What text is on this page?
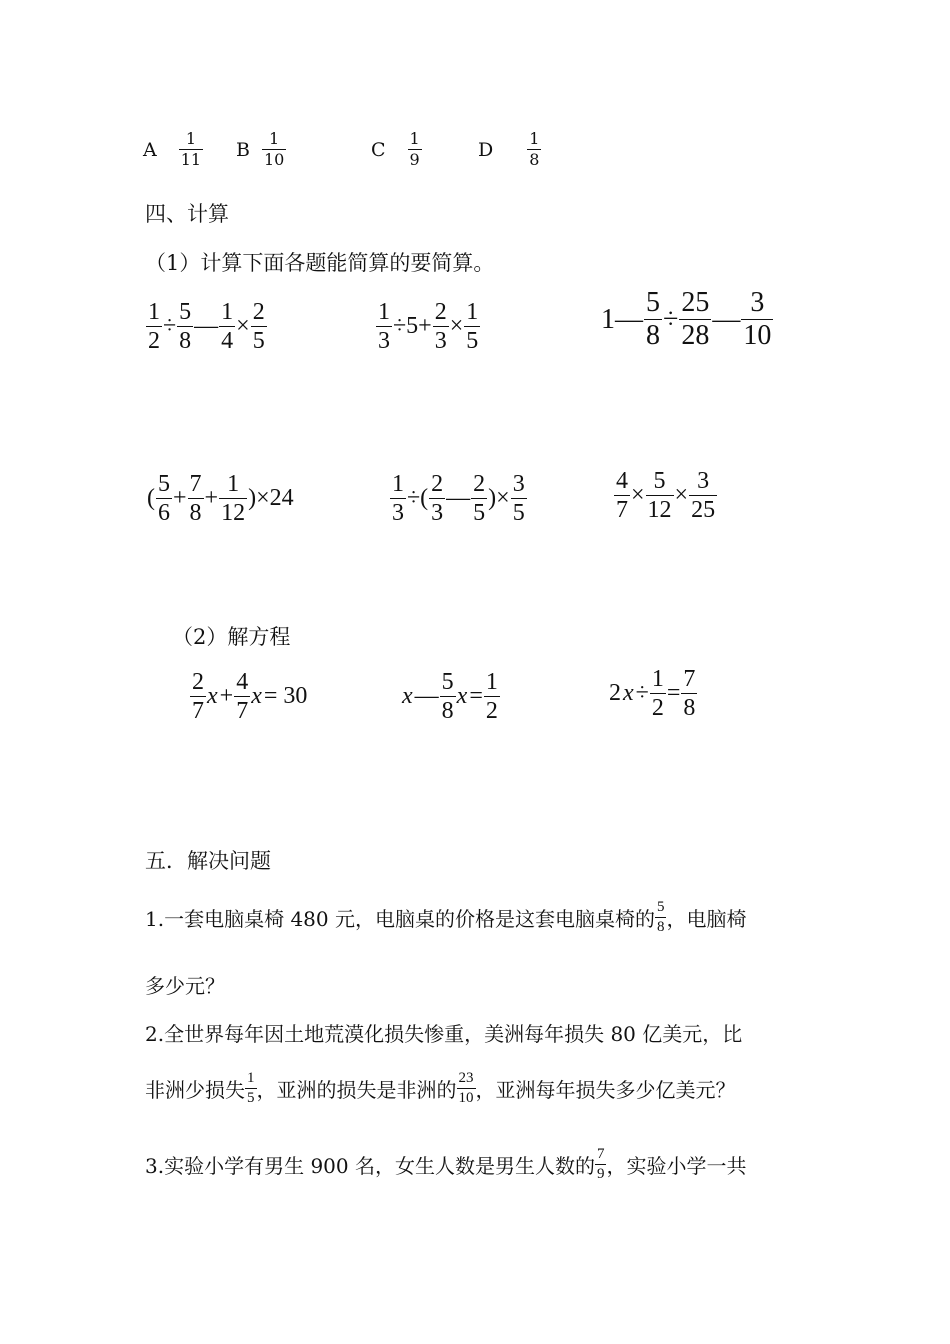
A $\frac{1}{11}$ B $\frac{1}{10}$	C $\frac{1}{9}$	D $\frac{1}{8}$
四、计算
（1）计算下面各题能简算的要简算。
$\frac{1}{2} \div \frac{5}{8}$ — $\frac{1}{4} \times \frac{2}{5}$	$\frac{1}{3} \div 5+ \frac{2}{3} \times \frac{1}{5}$	1— $\frac{5}{8} \div \frac{25}{28}$ — $\frac{3}{10}$
( $\frac{5}{6} + \frac{7}{8} + \frac{1}{12} )\times 24$	$\frac{1}{3}$ ÷( $\frac{2}{3}$ — $\frac{2}{5}$ )× $\frac{3}{5}$	$\frac{4}{7} \times \frac{5}{12} \times \frac{3}{25}$
（2）解方程
$\frac{2}{7}$ $x + \frac{4}{7}$ x = 30	x — $\frac{5}{8}$ $x = \frac{1}{2}$	2 $x \div \frac{1}{2} = \frac{7}{8}$
五．解决问题
1.一套电脑桌椅 480 元，电脑桌的价格是这套电脑桌椅的 $\frac{5}{8}$ ，电脑椅
多少元？
2.全世界每年因土地荒漠化损失惨重，美洲每年损失 80 亿美元，比
非洲少损失 $\frac{1}{5}$ ，亚洲的损失是非洲的 $\frac{23}{10}$ ，亚洲每年损失多少亿美元？
3.实验小学有男生 900 名，女生人数是男生人数的 $\frac{7}{9}$ ，实验小学一共
